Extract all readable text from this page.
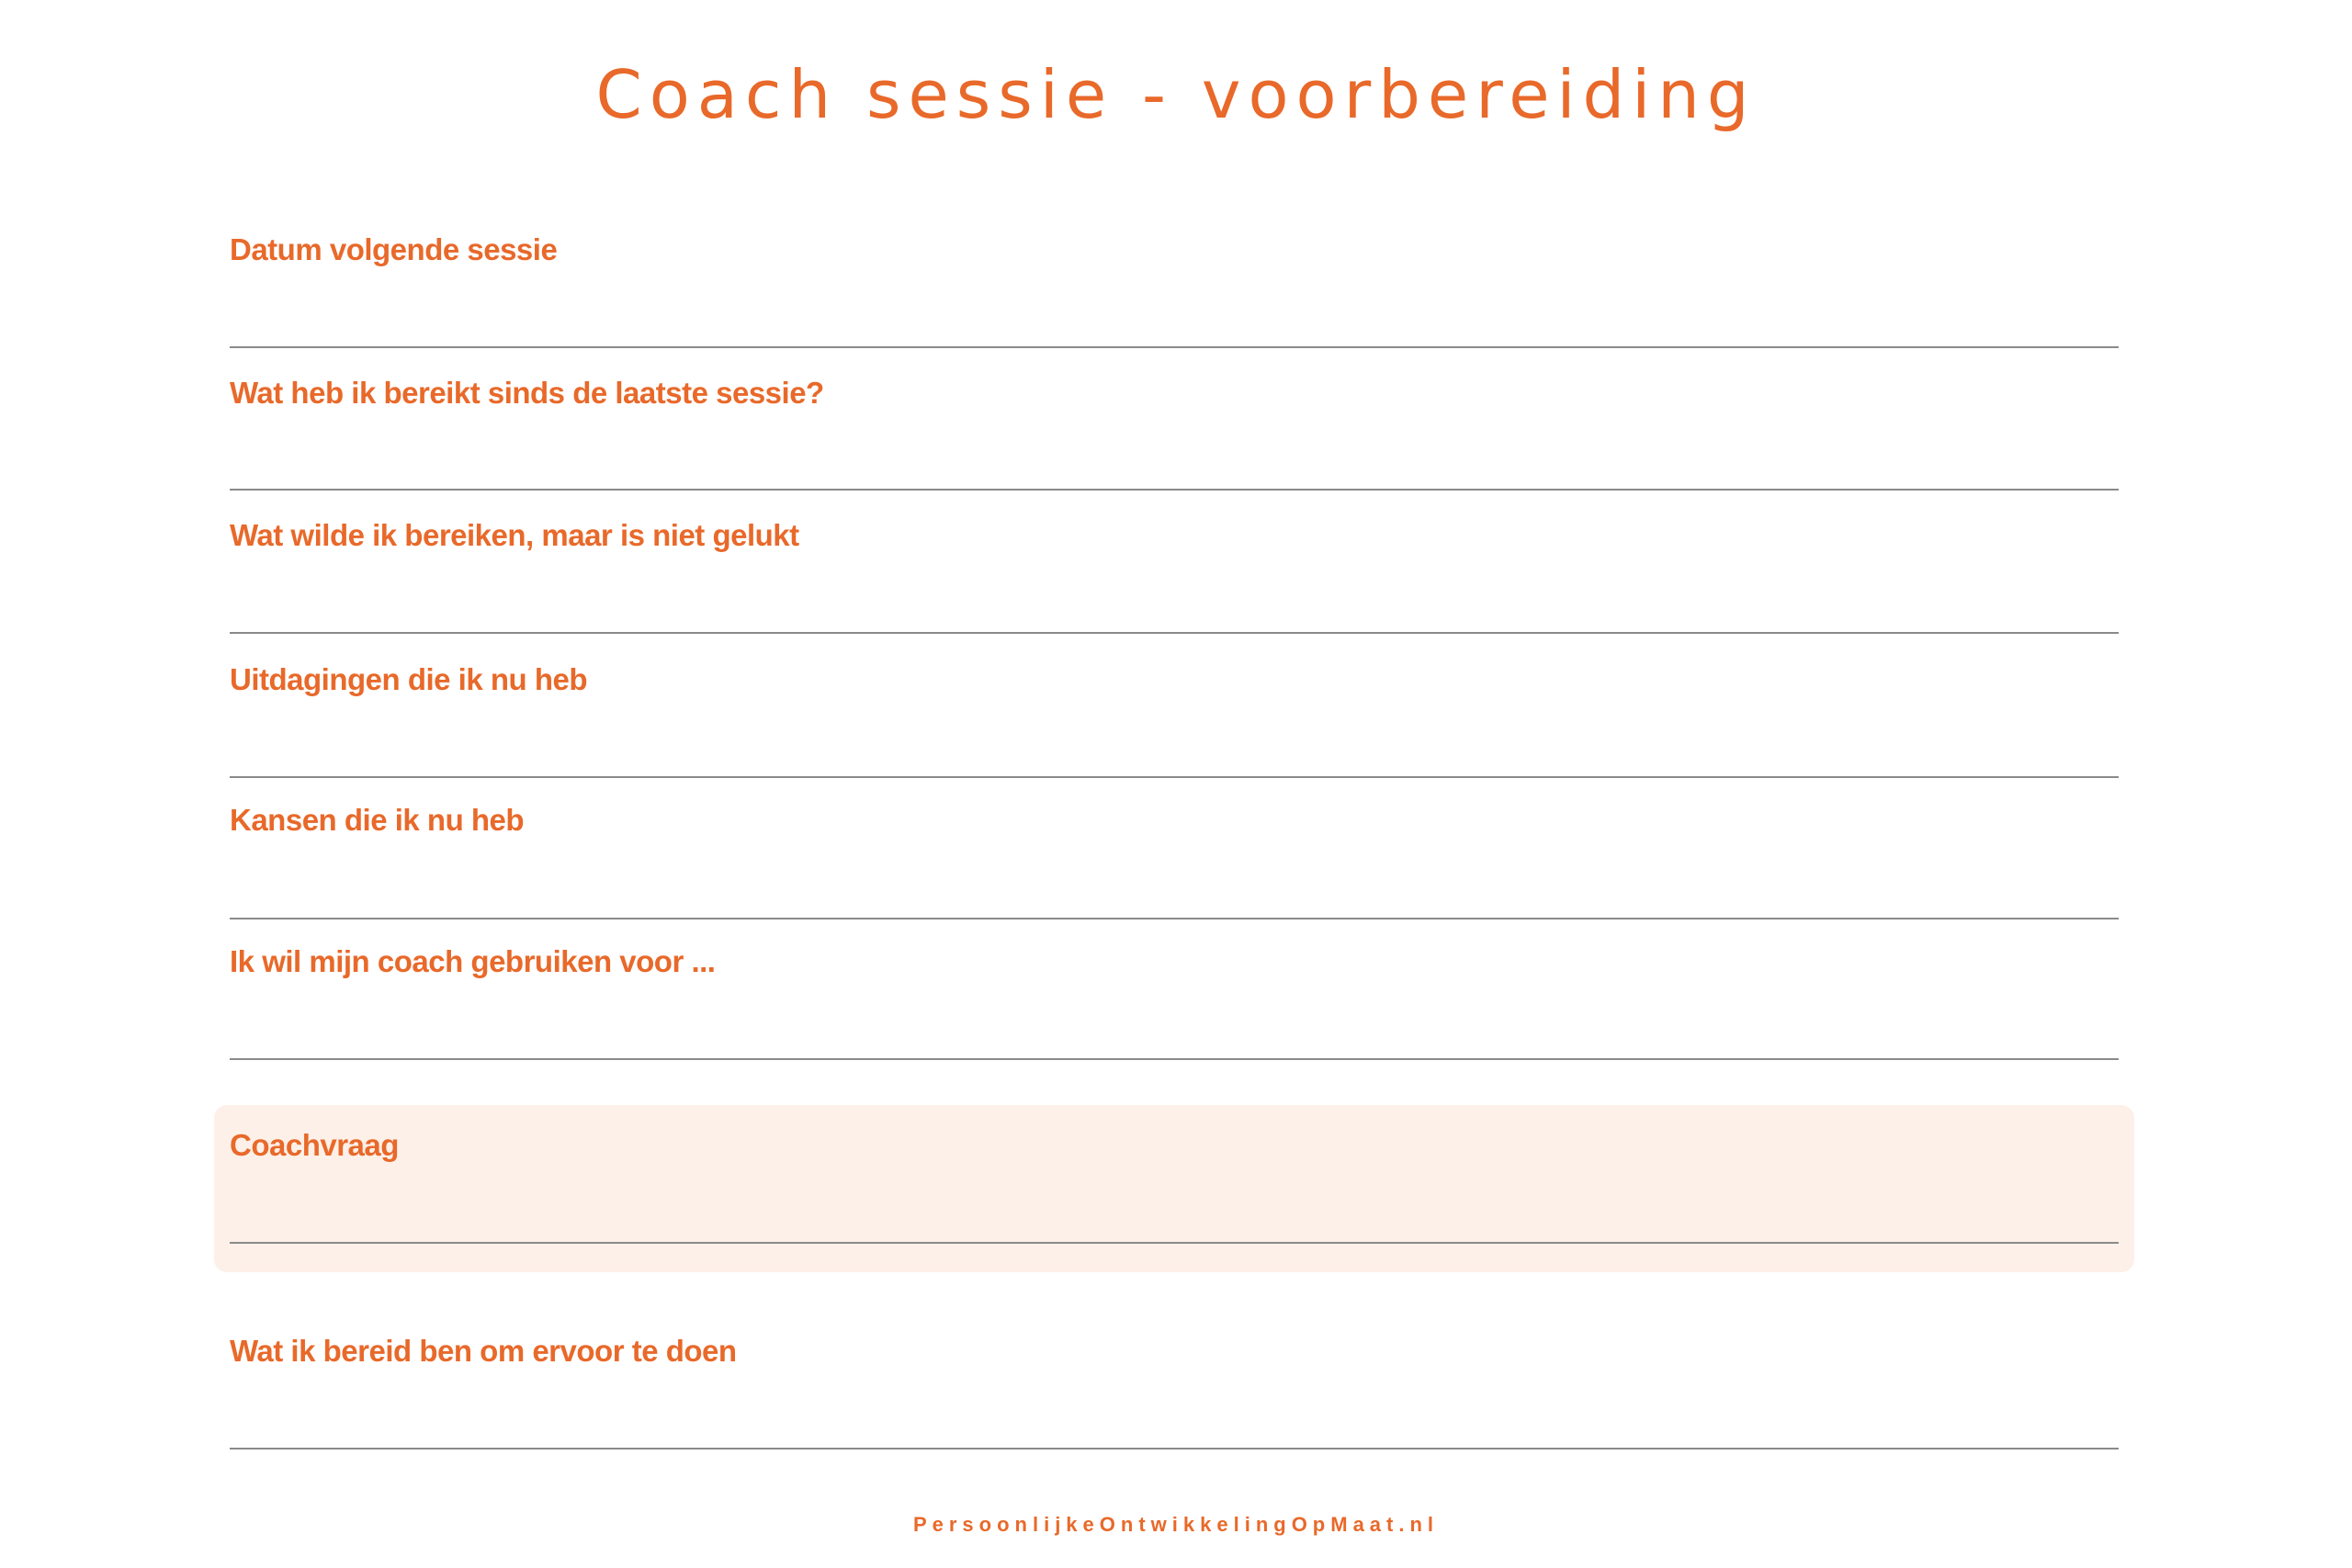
Coach sessie - voorbereiding
Datum volgende sessie
Wat heb ik bereikt sinds de laatste sessie?
Wat wilde ik bereiken, maar is niet gelukt
Uitdagingen die ik nu heb
Kansen die ik nu heb
Ik wil mijn coach gebruiken voor ...
Coachvraag
Wat ik bereid ben om ervoor te doen
PersoonlijkeOntwikkelingOpMaat.nl
